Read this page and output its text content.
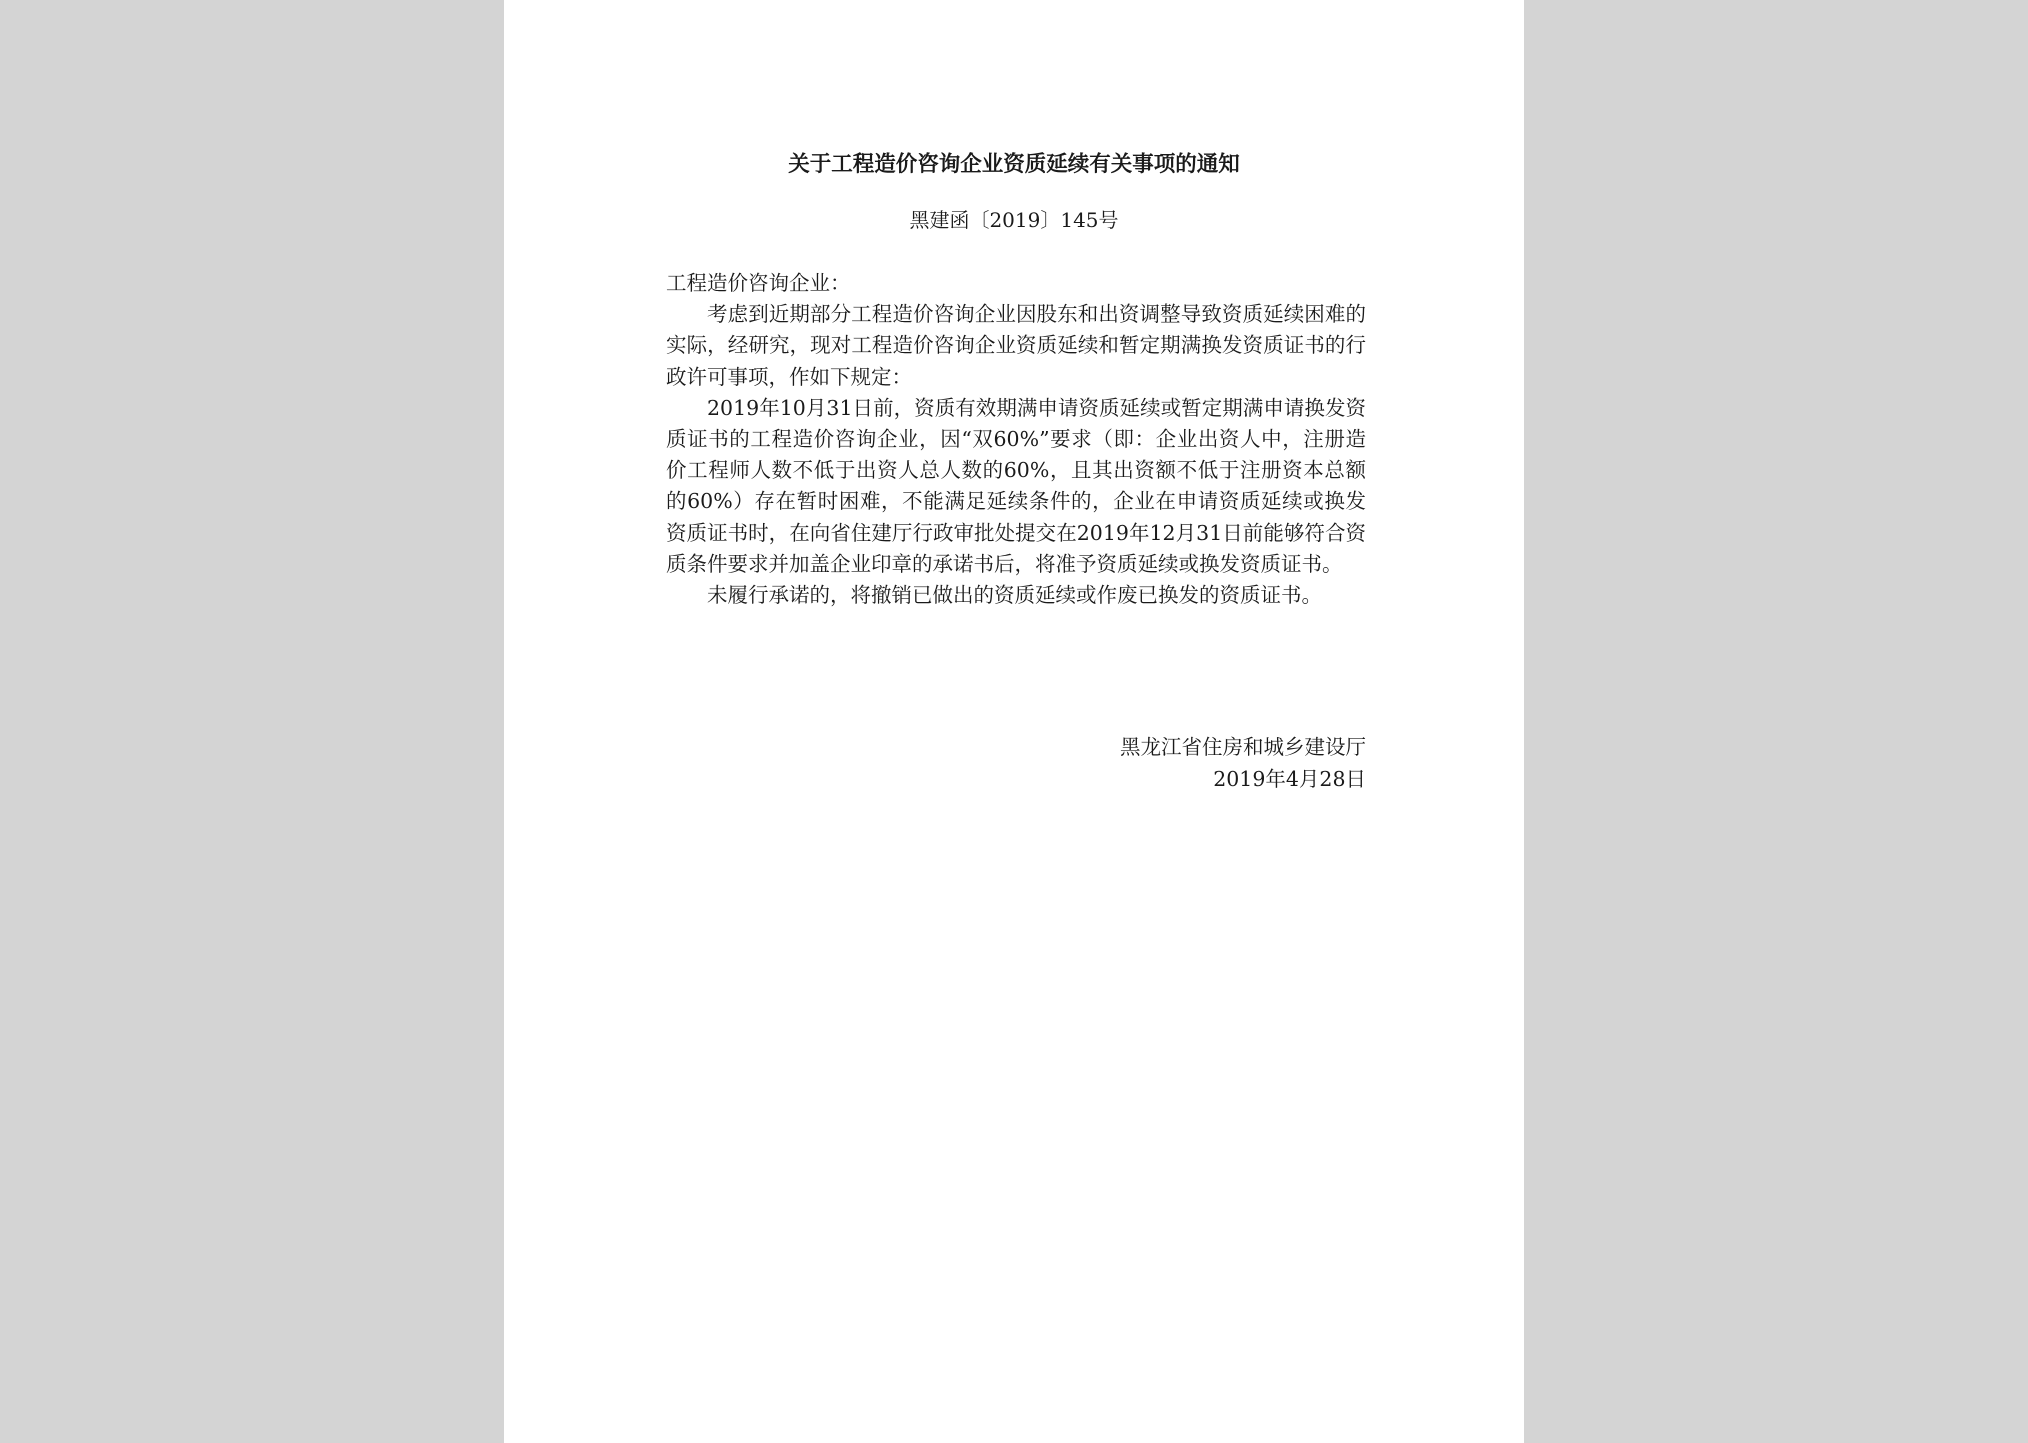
关于工程造价咨询企业资质延续有关事项的通知
黑建函〔2019〕145号

工程造价咨询企业：

考虑到近期部分工程造价咨询企业因股东和出资调整导致资质延续困难的实际，经研究，现对工程造价咨询企业资质延续和暂定期满换发资质证书的行政许可事项，作如下规定：

2019年10月31日前，资质有效期满申请资质延续或暂定期满申请换发资质证书的工程造价咨询企业，因“双60%”要求（即：企业出资人中，注册造价工程师人数不低于出资人总人数的60%，且其出资额不低于注册资本总额的60%）存在暂时困难，不能满足延续条件的，企业在申请资质延续或换发资质证书时，在向省住建厅行政审批处提交在2019年12月31日前能够符合资质条件要求并加盖企业印章的承诺书后，将准予资质延续或换发资质证书。

未履行承诺的，将撤销已做出的资质延续或作废已换发的资质证书。

黑龙江省住房和城乡建设厅
2019年4月28日
